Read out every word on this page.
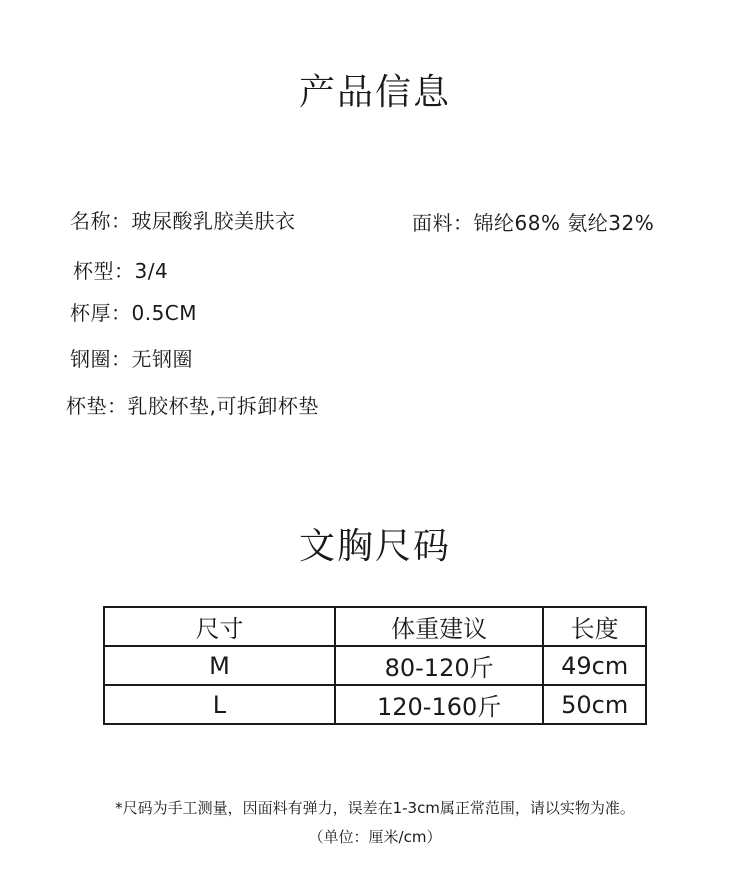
产品信息
名称：玻尿酸乳胶美肤衣	面料：锦纶68% 氨纶32%
杯型：3/4
杯厚：0.5CM
钢圈：无钢圈
杯垫：乳胶杯垫,可拆卸杯垫
文胸尺码
尺寸	体重建议	长度
M	80-120斤	49cm
L	120-160斤	50cm
*尺码为手工测量，因面料有弹力，误差在1-3cm属正常范围，请以实物为准。
（单位：厘米/cm）
